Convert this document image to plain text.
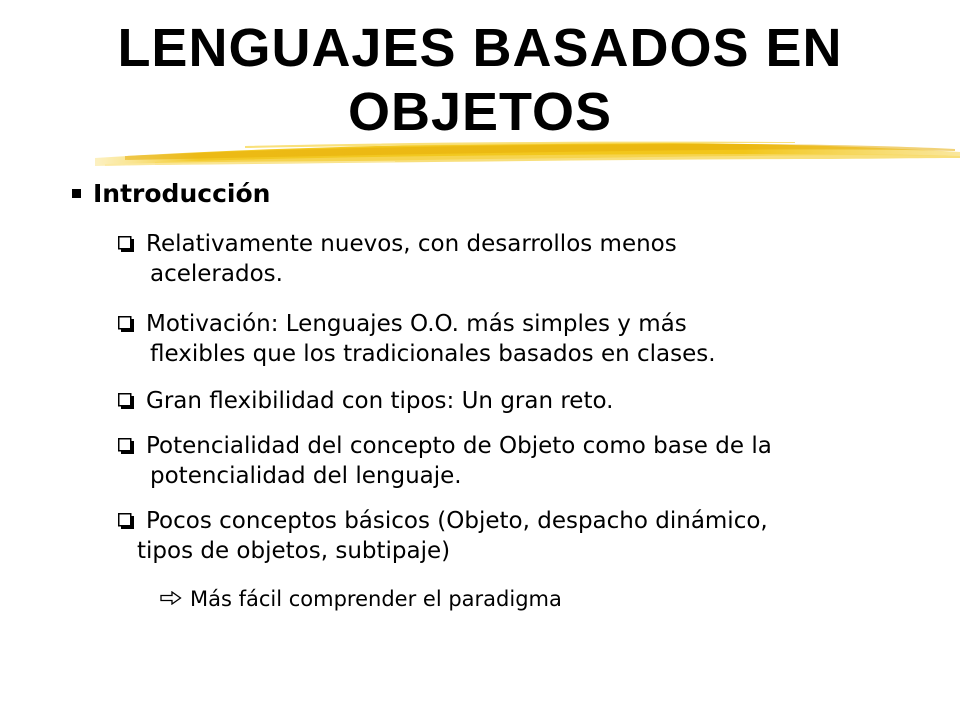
LENGUAJES BASADOS EN
OBJETOS
Introducción
Relativamente nuevos, con desarrollos menos
acelerados.
Motivación: Lenguajes O.O. más simples y más
flexibles que los tradicionales basados en clases.
Gran flexibilidad con tipos: Un gran reto.
Potencialidad del concepto de Objeto como base de la
potencialidad del lenguaje.
Pocos conceptos básicos (Objeto, despacho dinámico,
tipos de objetos, subtipaje)
Más fácil comprender el paradigma
